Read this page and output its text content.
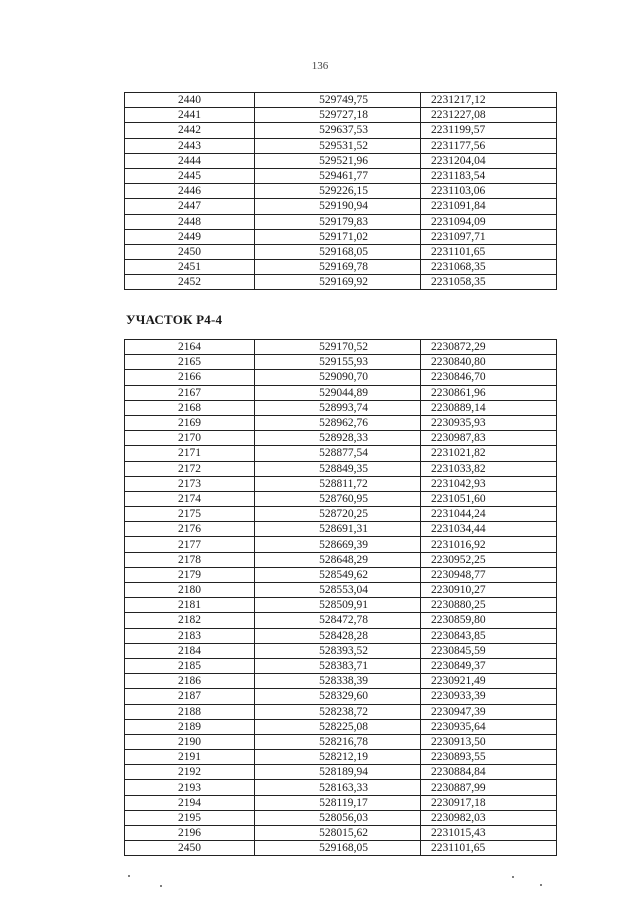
136
2440	529749,75	2231217,12
2441	529727,18	2231227,08
2442	529637,53	2231199,57
2443	529531,52	2231177,56
2444	529521,96	2231204,04
2445	529461,77	2231183,54
2446	529226,15	2231103,06
2447	529190,94	2231091,84
2448	529179,83	2231094,09
2449	529171,02	2231097,71
2450	529168,05	2231101,65
2451	529169,78	2231068,35
2452	529169,92	2231058,35
УЧАСТОК Р4-4
2164	529170,52	2230872,29
2165	529155,93	2230840,80
2166	529090,70	2230846,70
2167	529044,89	2230861,96
2168	528993,74	2230889,14
2169	528962,76	2230935,93
2170	528928,33	2230987,83
2171	528877,54	2231021,82
2172	528849,35	2231033,82
2173	528811,72	2231042,93
2174	528760,95	2231051,60
2175	528720,25	2231044,24
2176	528691,31	2231034,44
2177	528669,39	2231016,92
2178	528648,29	2230952,25
2179	528549,62	2230948,77
2180	528553,04	2230910,27
2181	528509,91	2230880,25
2182	528472,78	2230859,80
2183	528428,28	2230843,85
2184	528393,52	2230845,59
2185	528383,71	2230849,37
2186	528338,39	2230921,49
2187	528329,60	2230933,39
2188	528238,72	2230947,39
2189	528225,08	2230935,64
2190	528216,78	2230913,50
2191	528212,19	2230893,55
2192	528189,94	2230884,84
2193	528163,33	2230887,99
2194	528119,17	2230917,18
2195	528056,03	2230982,03
2196	528015,62	2231015,43
2450	529168,05	2231101,65
